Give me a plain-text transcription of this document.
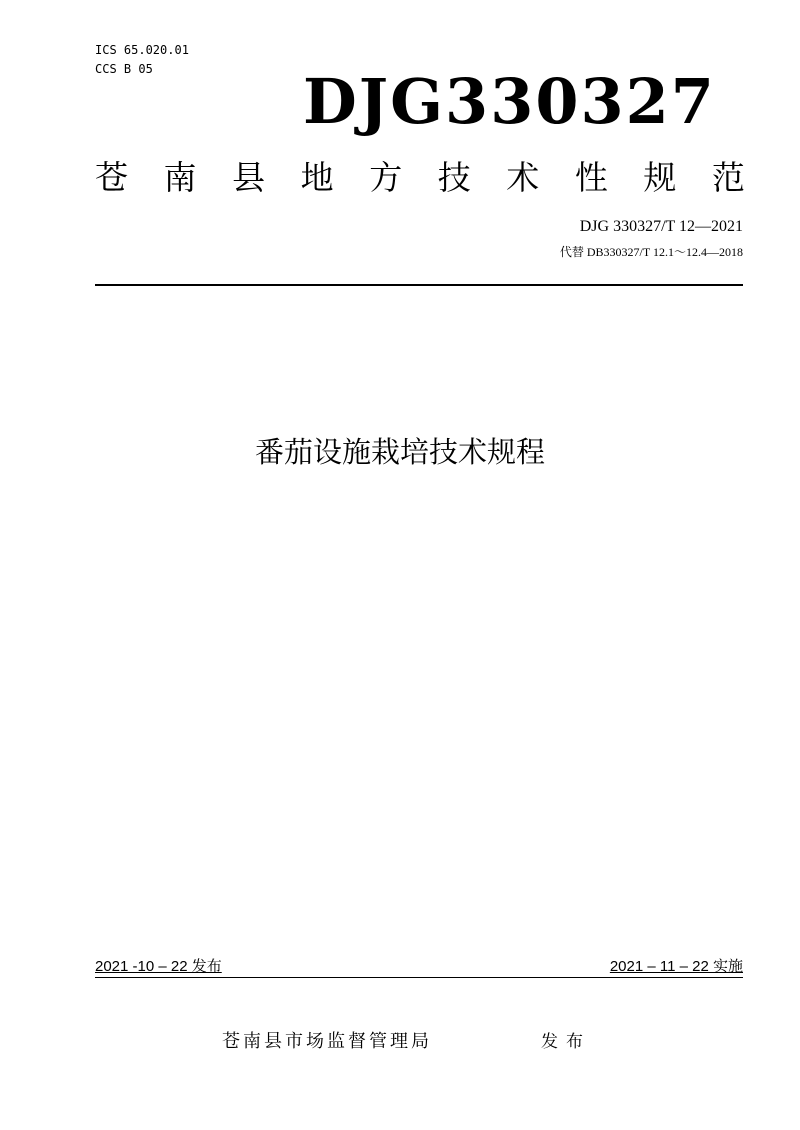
ICS 65.020.01
CCS B 05	DJG330327
苍 南 县 地 方 技 术 性 规 范
DJG 330327/T 12—2021
代替 DB330327/T 12.1～12.4—2018
番茄设施栽培技术规程
2021 -10 – 22 发布	2021 – 11 – 22 实施
苍南县市场监督管理局	发布
